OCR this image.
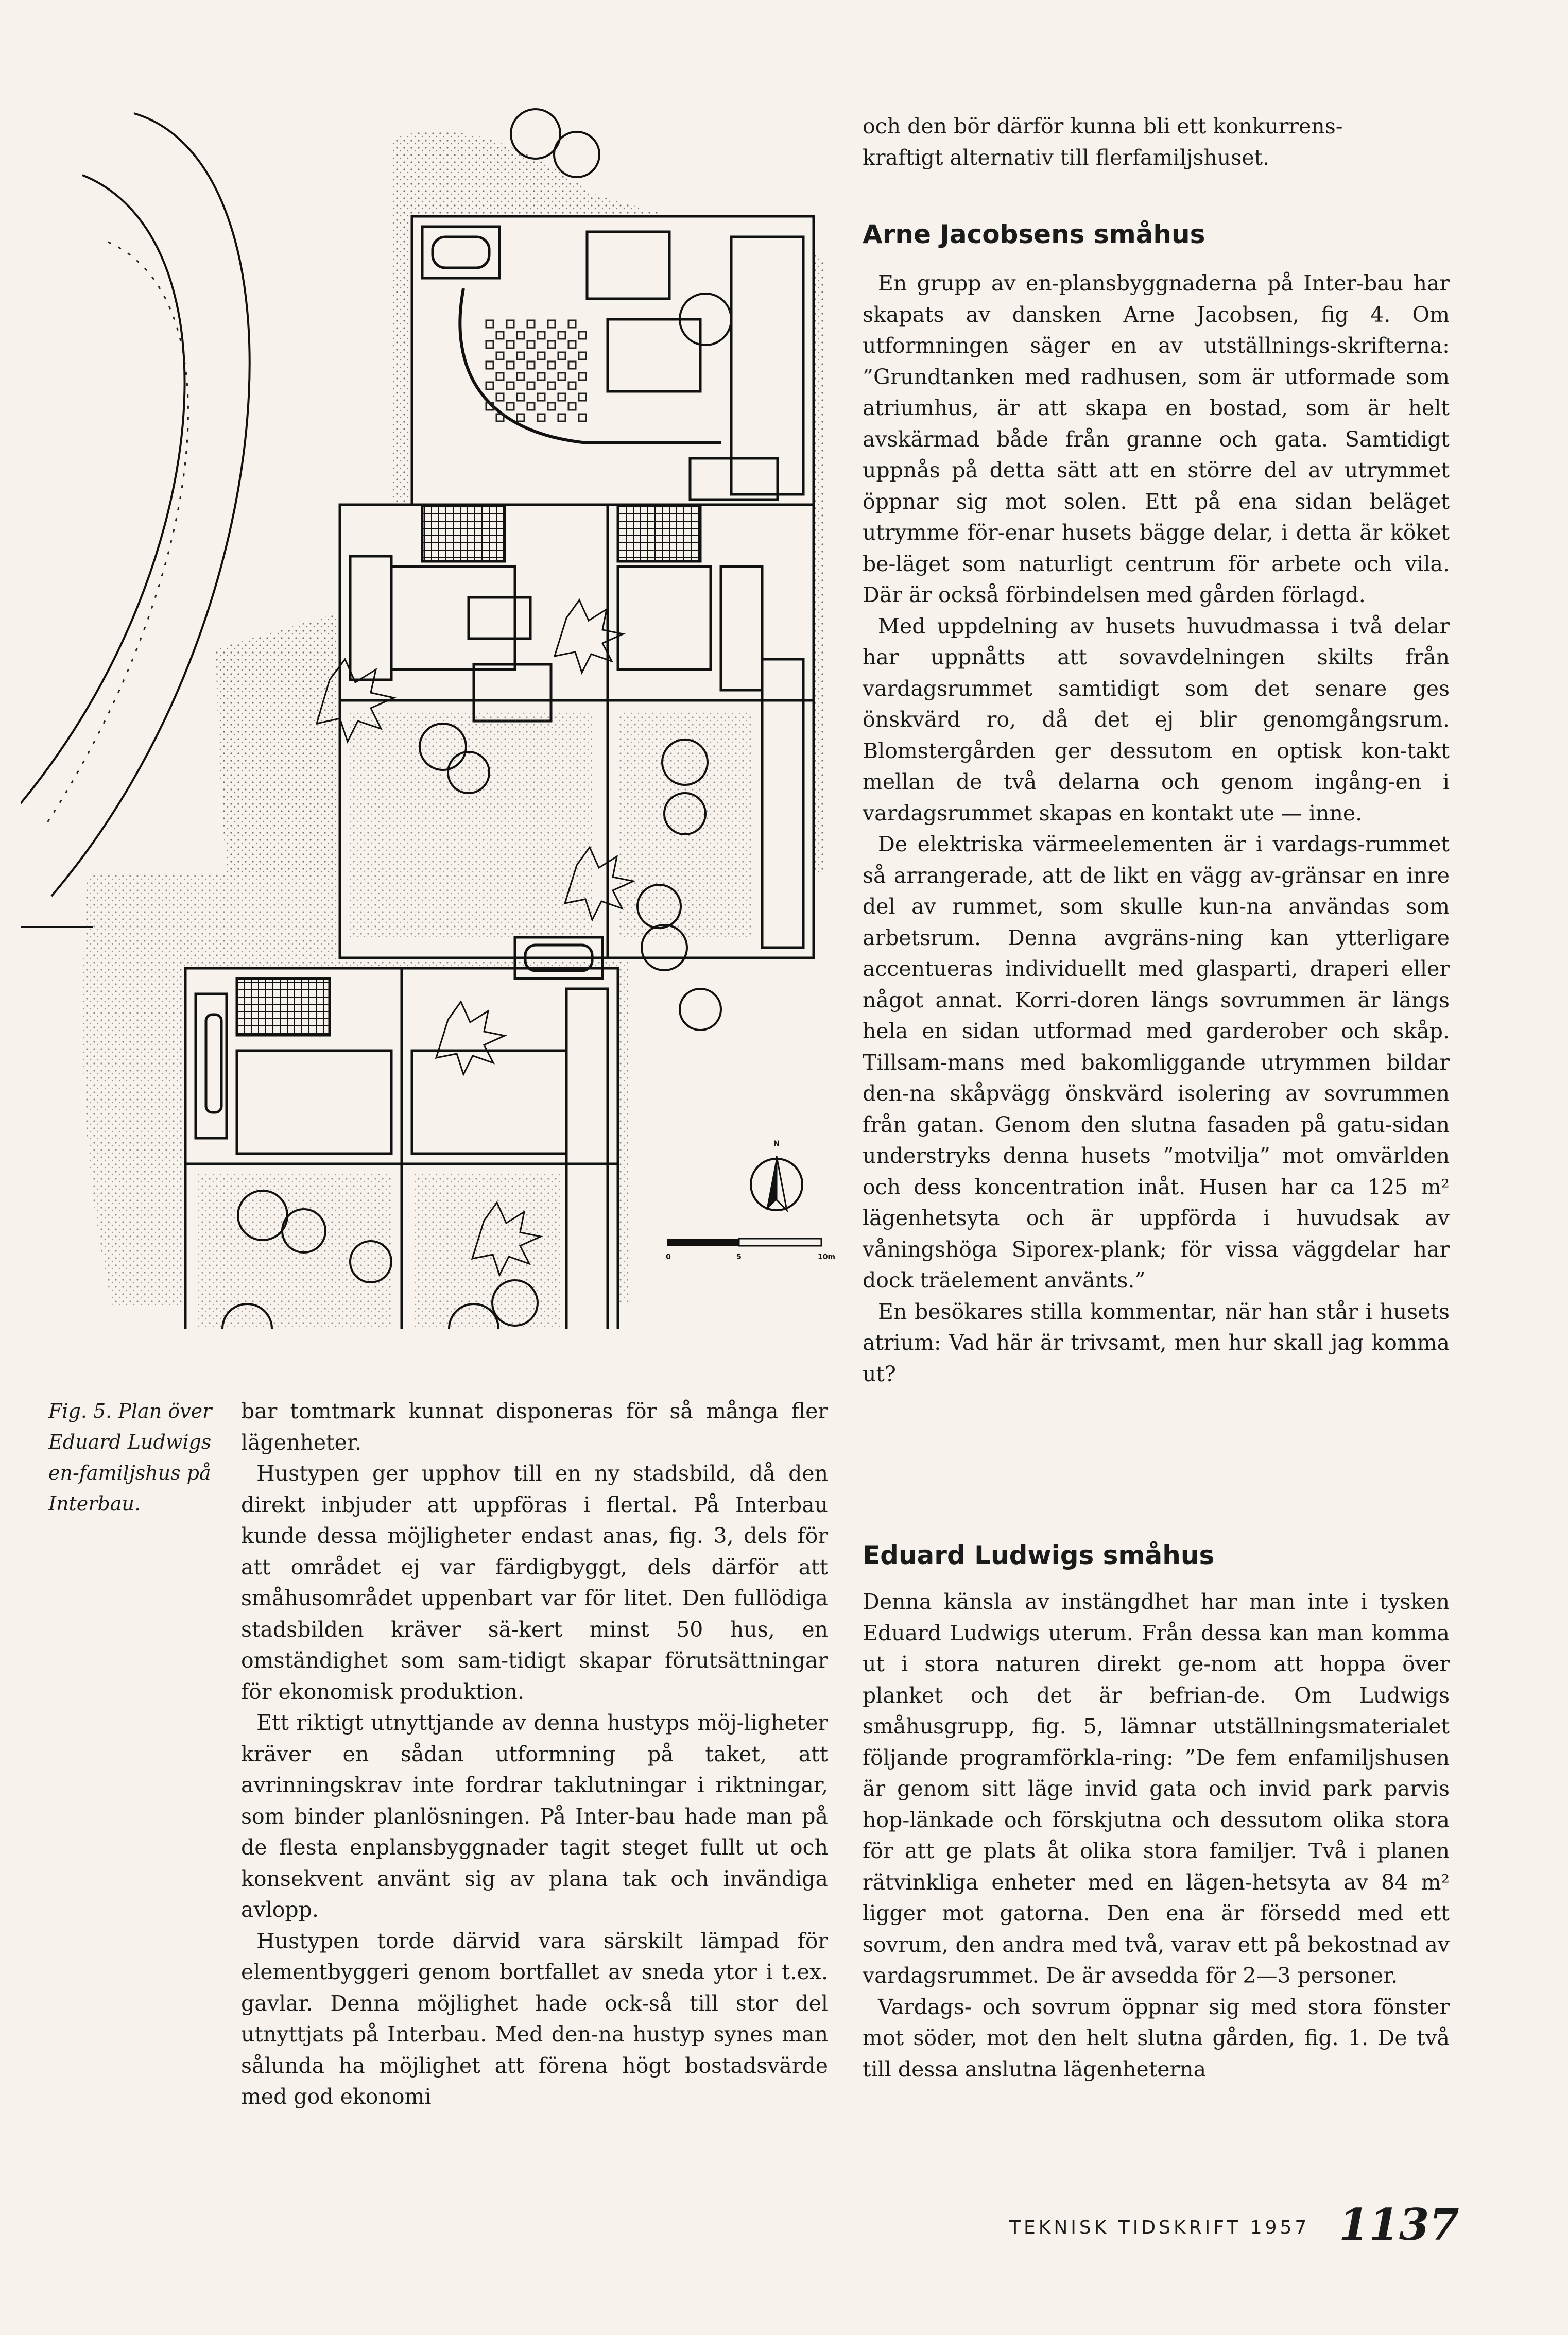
N
0	5	10m

och den bör därför kunna bli ett konkurrens-

kraftigt alternativ till flerfamiljshuset.

Arne Jacobsens småhus

En grupp av en-plansbyggnaderna på Inter-bau har skapats av dansken Arne Jacobsen, fig 4. Om utformningen säger en av utställnings-skrifterna: ”Grundtanken med radhusen, som är utformade som atriumhus, är att skapa en bostad, som är helt avskärmad både från granne och gata. Samtidigt uppnås på detta sätt att en större del av utrymmet öppnar sig mot solen. Ett på ena sidan beläget utrymme för-enar husets bägge delar, i detta är köket be-läget som naturligt centrum för arbete och vila. Där är också förbindelsen med gården förlagd.

Med uppdelning av husets huvudmassa i två delar har uppnåtts att sovavdelningen skilts från vardagsrummet samtidigt som det senare ges önskvärd ro, då det ej blir genomgångsrum. Blomstergården ger dessutom en optisk kon-takt mellan de två delarna och genom ingång-en i vardagsrummet skapas en kontakt ute — inne.

De elektriska värmeelementen är i vardags-rummet så arrangerade, att de likt en vägg av-gränsar en inre del av rummet, som skulle kun-na användas som arbetsrum. Denna avgräns-ning kan ytterligare accentueras individuellt med glasparti, draperi eller något annat. Korri-doren längs sovrummen är längs hela en sidan utformad med garderober och skåp. Tillsam-mans med bakomliggande utrymmen bildar den-na skåpvägg önskvärd isolering av sovrummen från gatan. Genom den slutna fasaden på gatu-sidan understryks denna husets ”motvilja” mot omvärlden och dess koncentration inåt. Husen har ca 125 m² lägenhetsyta och är uppförda i huvudsak av våningshöga Siporex-plank; för vissa väggdelar har dock träelement använts.”

En besökares stilla kommentar, när han står i husets atrium: Vad här är trivsamt, men hur skall jag komma ut?

Eduard Ludwigs småhus

Denna känsla av instängdhet har man inte i tysken Eduard Ludwigs uterum. Från dessa kan man komma ut i stora naturen direkt ge-nom att hoppa över planket och det är befrian-de. Om Ludwigs småhusgrupp, fig. 5, lämnar utställningsmaterialet följande programförkla-ring: ”De fem enfamiljshusen är genom sitt läge invid gata och invid park parvis hop-länkade och förskjutna och dessutom olika stora för att ge plats åt olika stora familjer. Två i planen rätvinkliga enheter med en lägen-hetsyta av 84 m² ligger mot gatorna. Den ena är försedd med ett sovrum, den andra med två, varav ett på bekostnad av vardagsrummet. De är avsedda för 2—3 personer.

Vardags- och sovrum öppnar sig med stora fönster mot söder, mot den helt slutna gården, fig. 1. De två till dessa anslutna lägenheterna

Fig. 5. Plan över Eduard Ludwigs en-familjshus på Interbau.

bar tomtmark kunnat disponeras för så många fler lägenheter.

Hustypen ger upphov till en ny stadsbild, då den direkt inbjuder att uppföras i flertal. På Interbau kunde dessa möjligheter endast anas, fig. 3, dels för att området ej var färdigbyggt, dels därför att småhusområdet uppenbart var för litet. Den fullödiga stadsbilden kräver sä-kert minst 50 hus, en omständighet som sam-tidigt skapar förutsättningar för ekonomisk produktion.

Ett riktigt utnyttjande av denna hustyps möj-ligheter kräver en sådan utformning på taket, att avrinningskrav inte fordrar taklutningar i riktningar, som binder planlösningen. På Inter-bau hade man på de flesta enplansbyggnader tagit steget fullt ut och konsekvent använt sig av plana tak och invändiga avlopp.

Hustypen torde därvid vara särskilt lämpad för elementbyggeri genom bortfallet av sneda ytor i t.ex. gavlar. Denna möjlighet hade ock-så till stor del utnyttjats på Interbau. Med den-na hustyp synes man sålunda ha möjlighet att förena högt bostadsvärde med god ekonomi

TEKNISK TIDSKRIFT 1957 1137
